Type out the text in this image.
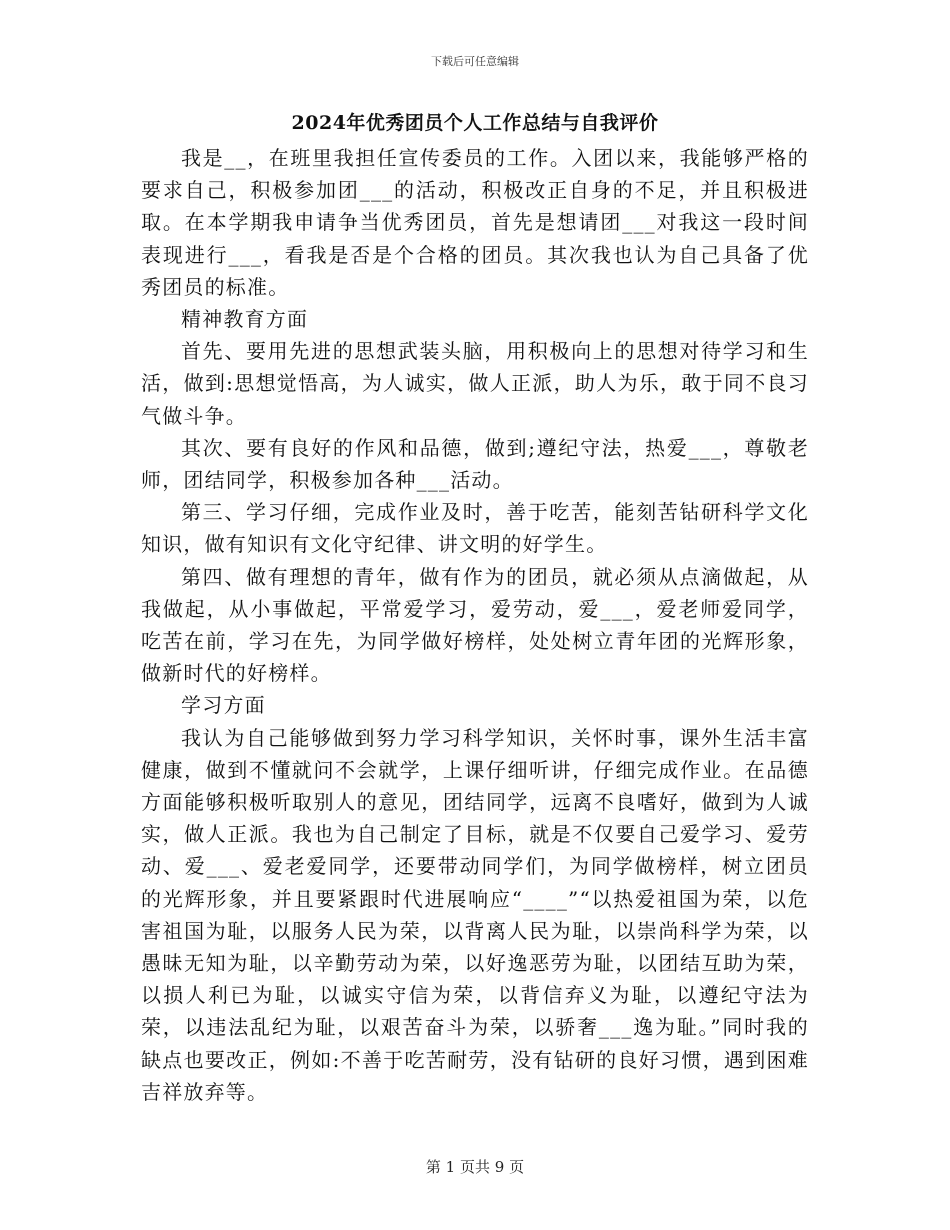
下载后可任意编辑
2024年优秀团员个人工作总结与自我评价

我是__，在班里我担任宣传委员的工作。入团以来，我能够严格的要求自己，积极参加团___的活动，积极改正自身的不足，并且积极进取。在本学期我申请争当优秀团员，首先是想请团___对我这一段时间表现进行___，看我是否是个合格的团员。其次我也认为自己具备了优秀团员的标准。

精神教育方面

首先、要用先进的思想武装头脑，用积极向上的思想对待学习和生活，做到:思想觉悟高，为人诚实，做人正派，助人为乐，敢于同不良习气做斗争。

其次、要有良好的作风和品德，做到;遵纪守法，热爱___，尊敬老师，团结同学，积极参加各种___活动。

第三、学习仔细，完成作业及时，善于吃苦，能刻苦钻研科学文化知识，做有知识有文化守纪律、讲文明的好学生。

第四、做有理想的青年，做有作为的团员，就必须从点滴做起，从我做起，从小事做起，平常爱学习，爱劳动，爱___，爱老师爱同学，吃苦在前，学习在先，为同学做好榜样，处处树立青年团的光辉形象，做新时代的好榜样。

学习方面

我认为自己能够做到努力学习科学知识，关怀时事，课外生活丰富健康，做到不懂就问不会就学，上课仔细听讲，仔细完成作业。在品德方面能够积极听取别人的意见，团结同学，远离不良嗜好，做到为人诚实，做人正派。我也为自己制定了目标，就是不仅要自己爱学习、爱劳动、爱___、爱老爱同学，还要带动同学们，为同学做榜样，树立团员的光辉形象，并且要紧跟时代进展响应“____”“以热爱祖国为荣，以危害祖国为耻，以服务人民为荣，以背离人民为耻，以崇尚科学为荣，以愚昧无知为耻，以辛勤劳动为荣，以好逸恶劳为耻，以团结互助为荣，以损人利已为耻，以诚实守信为荣，以背信弃义为耻，以遵纪守法为荣，以违法乱纪为耻，以艰苦奋斗为荣，以骄奢___逸为耻。”同时我的缺点也要改正，例如:不善于吃苦耐劳，没有钻研的良好习惯，遇到困难吉祥放弃等。

第 1 页共 9 页
